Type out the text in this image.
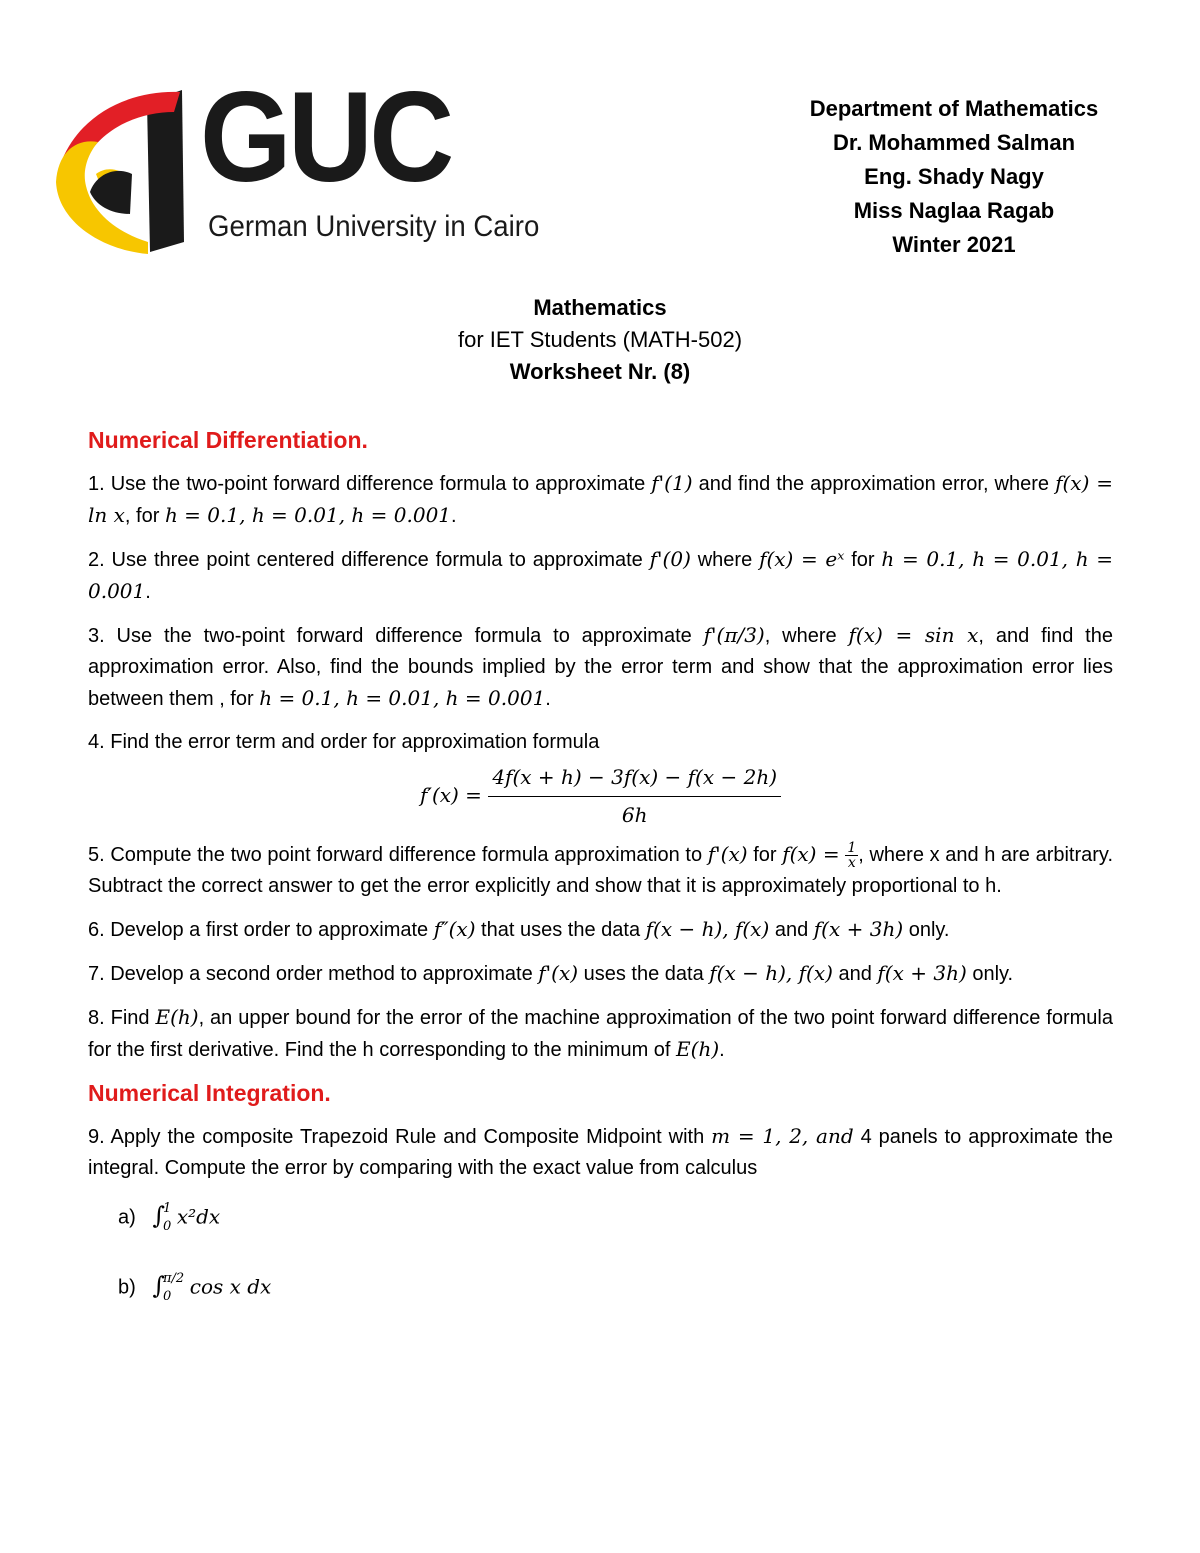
GUC
German University in Cairo
Department of Mathematics
Dr. Mohammed Salman
Eng. Shady Nagy
Miss Naglaa Ragab
Winter 2021
Mathematics
for IET Students (MATH-502)
Worksheet Nr. (8)
Numerical Differentiation.
1. Use the two-point forward difference formula to approximate f'(1) and find the approximation error, where f(x) = ln x, for h = 0.1, h = 0.01, h = 0.001.
2. Use three point centered difference formula to approximate f'(0) where f(x) = eˣ for h = 0.1, h = 0.01, h = 0.001.
3. Use the two-point forward difference formula to approximate f'(π/3), where f(x) = sin x, and find the approximation error. Also, find the bounds implied by the error term and show that the approximation error lies between them , for h = 0.1, h = 0.01, h = 0.001.
4. Find the error term and order for approximation formula
$f'(x) = \frac{4f(x + h) - 3f(x) - f(x - 2h)}{6h}$
5. Compute the two point forward difference formula approximation to f'(x) for $f(x) = \frac{1}{x}$ , where x and h are arbitrary. Subtract the correct answer to get the error explicitly and show that it is approximately proportional to h.
6. Develop a first order to approximate f″(x) that uses the data f(x − h), f(x) and f(x + 3h) only.
7. Develop a second order method to approximate f'(x) uses the data f(x − h), f(x) and f(x + 3h) only.
8. Find E(h), an upper bound for the error of the machine approximation of the two point forward difference formula for the first derivative. Find the h corresponding to the minimum of E(h).
Numerical Integration.
9. Apply the composite Trapezoid Rule and Composite Midpoint with m = 1, 2, and 4 panels to approximate the integral. Compute the error by comparing with the exact value from calculus
a) ∫
1
0 x²dx
b) ∫
π/2
0 cos x dx
